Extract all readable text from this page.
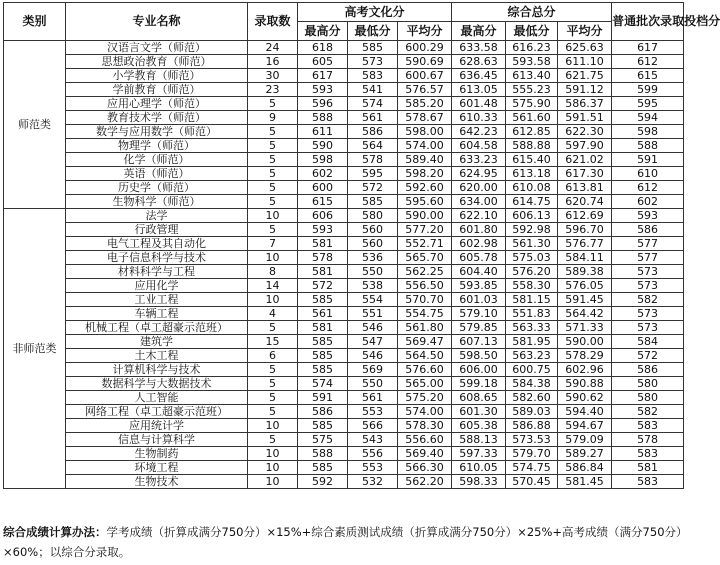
类别	专业名称	录取数	高考文化分			综合总分			普通批次录取投档分
			最高分	最低分	平均分	最高分	最低分	平均分	
师范类	汉语言文学（师范）	24	618	585	600.29	633.58	616.23	625.63	617
	思想政治教育（师范）	16	605	573	590.69	628.63	593.58	611.10	612
	小学教育（师范）	30	617	583	600.67	636.45	613.40	621.75	615
	学前教育（师范）	23	593	541	576.57	613.05	555.23	591.12	599
	应用心理学（师范）	5	596	574	585.20	601.48	575.90	586.37	595
	教育技术学（师范）	9	588	561	578.67	610.33	561.60	591.51	594
	数学与应用数学（师范）	5	611	586	598.00	642.23	612.85	622.30	598
	物理学（师范）	5	590	564	574.00	604.58	588.88	597.90	588
	化学（师范）	5	598	578	589.40	633.23	615.40	621.02	591
	英语（师范）	5	602	595	598.20	624.95	613.18	617.30	610
	历史学（师范）	5	600	572	592.60	620.00	610.08	613.81	612
	生物科学（师范）	5	615	585	595.60	634.00	614.75	620.74	602
非师范类	法学	10	606	580	590.00	622.10	606.13	612.69	593
	行政管理	5	593	560	577.20	601.80	592.98	596.70	586
	电气工程及其自动化	7	581	560	552.71	602.98	561.30	576.77	577
	电子信息科学与技术	10	578	536	565.70	605.78	575.03	584.11	577
	材料科学与工程	8	581	550	562.25	604.40	576.20	589.38	573
	应用化学	14	572	538	556.50	593.85	558.30	576.05	573
	工业工程	10	585	554	570.70	601.03	581.15	591.45	582
	车辆工程	4	561	551	554.75	579.10	551.83	564.42	573
	机械工程（卓工超豪示范班）	5	581	546	561.80	579.85	563.33	571.33	573
	建筑学	15	585	547	569.47	607.13	581.95	590.00	584
	土木工程	6	585	546	564.50	598.50	563.23	578.29	572
	计算机科学与技术	5	585	569	576.60	606.00	600.75	602.96	586
	数据科学与大数据技术	5	574	550	565.00	599.18	584.38	590.88	580
	人工智能	5	591	561	575.20	608.65	582.60	590.62	580
	网络工程（卓工超豪示范班）	5	586	553	574.00	601.30	589.03	594.40	582
	应用统计学	10	585	566	578.30	605.38	586.88	594.67	583
	信息与计算科学	5	575	543	556.60	588.13	573.53	579.09	578
	生物制药	10	588	556	569.40	597.33	579.70	589.27	583
	环境工程	10	585	553	566.30	610.05	574.75	586.84	581
	生物技术	10	592	532	562.20	598.33	570.45	581.45	583
综合成绩计算办法：学考成绩（折算成满分750分）×15%+综合素质测试成绩（折算成满分750分）×25%+高考成绩（满分750分）×60%；以综合分录取。
